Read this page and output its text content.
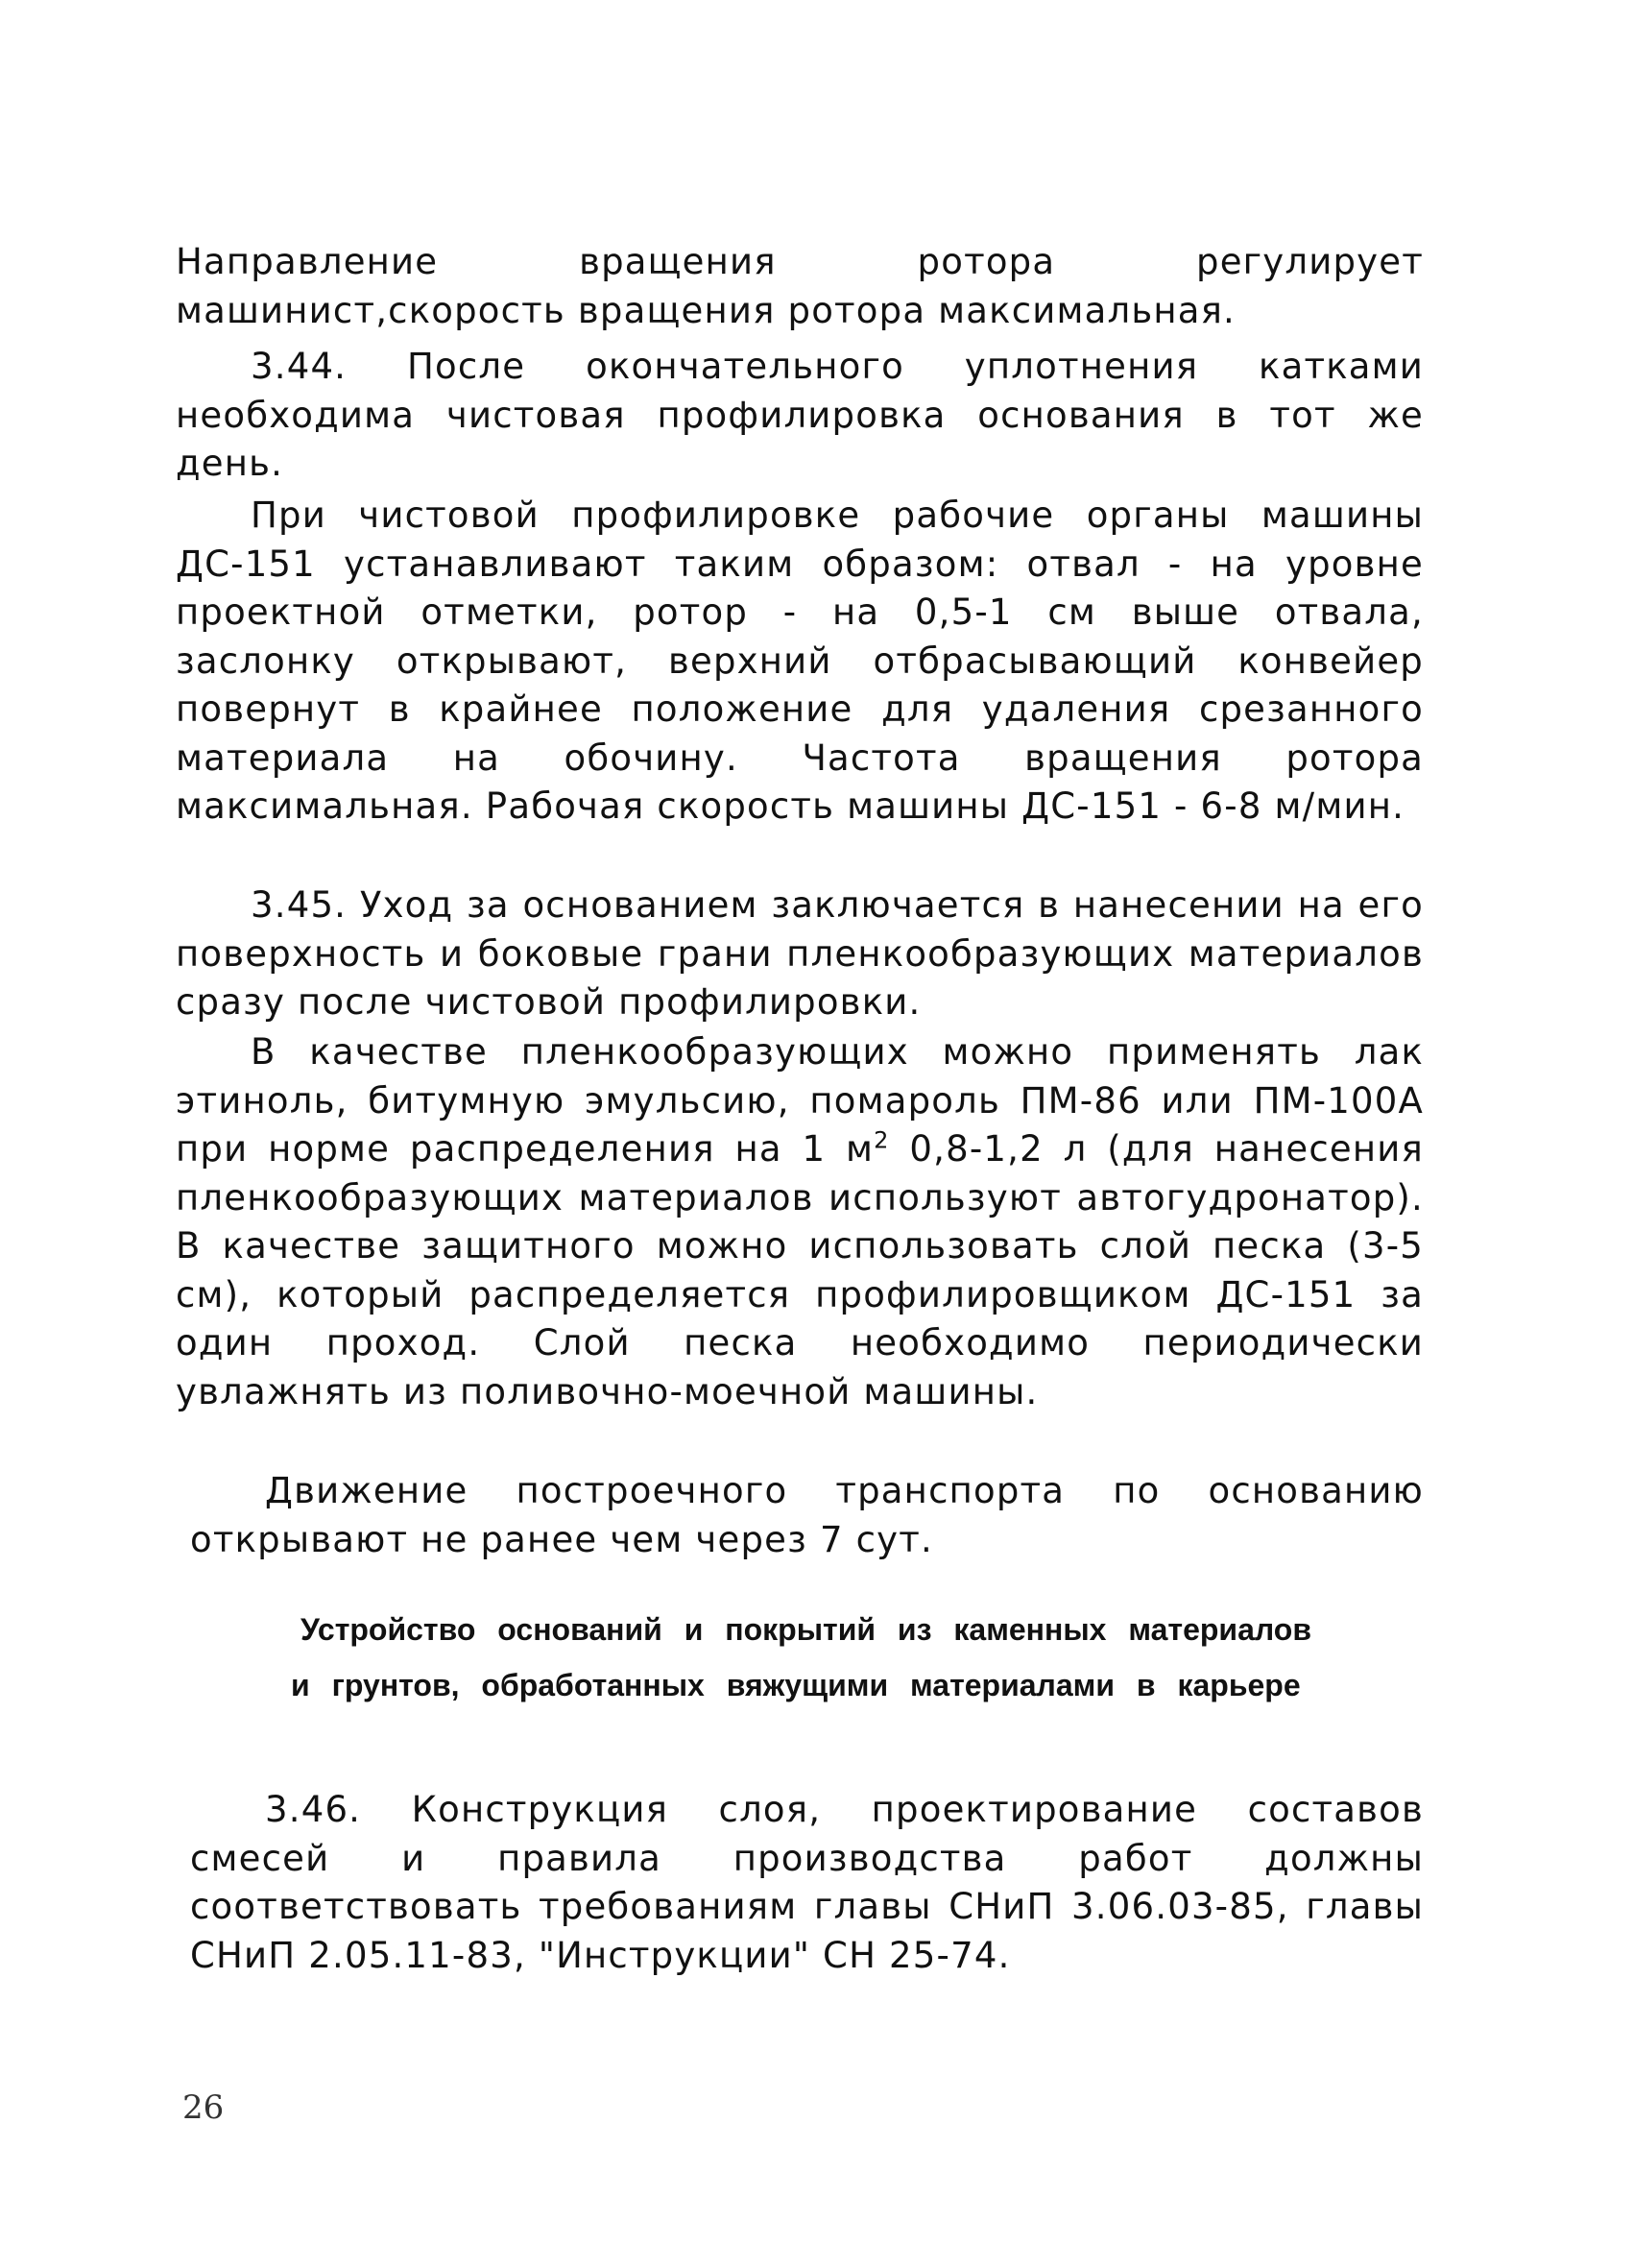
Направление вращения ротора регулирует машинист,скорость вращения ротора максимальная.

3.44. После окончательного уплотнения катками необходима чистовая профилировка основания в тот же день.

При чистовой профилировке рабочие органы машины ДС-151 устанавливают таким образом: отвал - на уровне проектной отметки, ротор - на 0,5-1 см выше отвала, заслонку открывают, верхний отбрасывающий конвейер повернут в крайнее положение для удаления срезанного материала на обочину. Частота вращения ротора максимальная. Рабочая скорость машины ДС-151 - 6-8 м/мин.

3.45. Уход за основанием заключается в нанесении на его поверхность и боковые грани пленкообразующих материалов сразу после чистовой профилировки.

В качестве пленкообразующих можно применять лак этиноль, битумную эмульсию, помароль ПМ-86 или ПМ-100А при норме распределения на 1 $м^2$ 0,8-1,2 л (для нанесения пленкообразующих материалов используют автогудронатор). В качестве защитного можно использовать слой песка (3-5 см), который распределяется профилировщиком ДС-151 за один проход. Слой песка необходимо периодически увлажнять из поливочно-моечной машины.

Движение построечного транспорта по основанию открывают не ранее чем через 7 сут.

Устройство оснований и покрытий из каменных материалов
и грунтов, обработанных вяжущими материалами в карьере

3.46. Конструкция слоя, проектирование составов смесей и правила производства работ должны соответствовать требованиям главы СНиП 3.06.03-85, главы СНиП 2.05.11-83, "Инструкции" СН 25-74.

26
